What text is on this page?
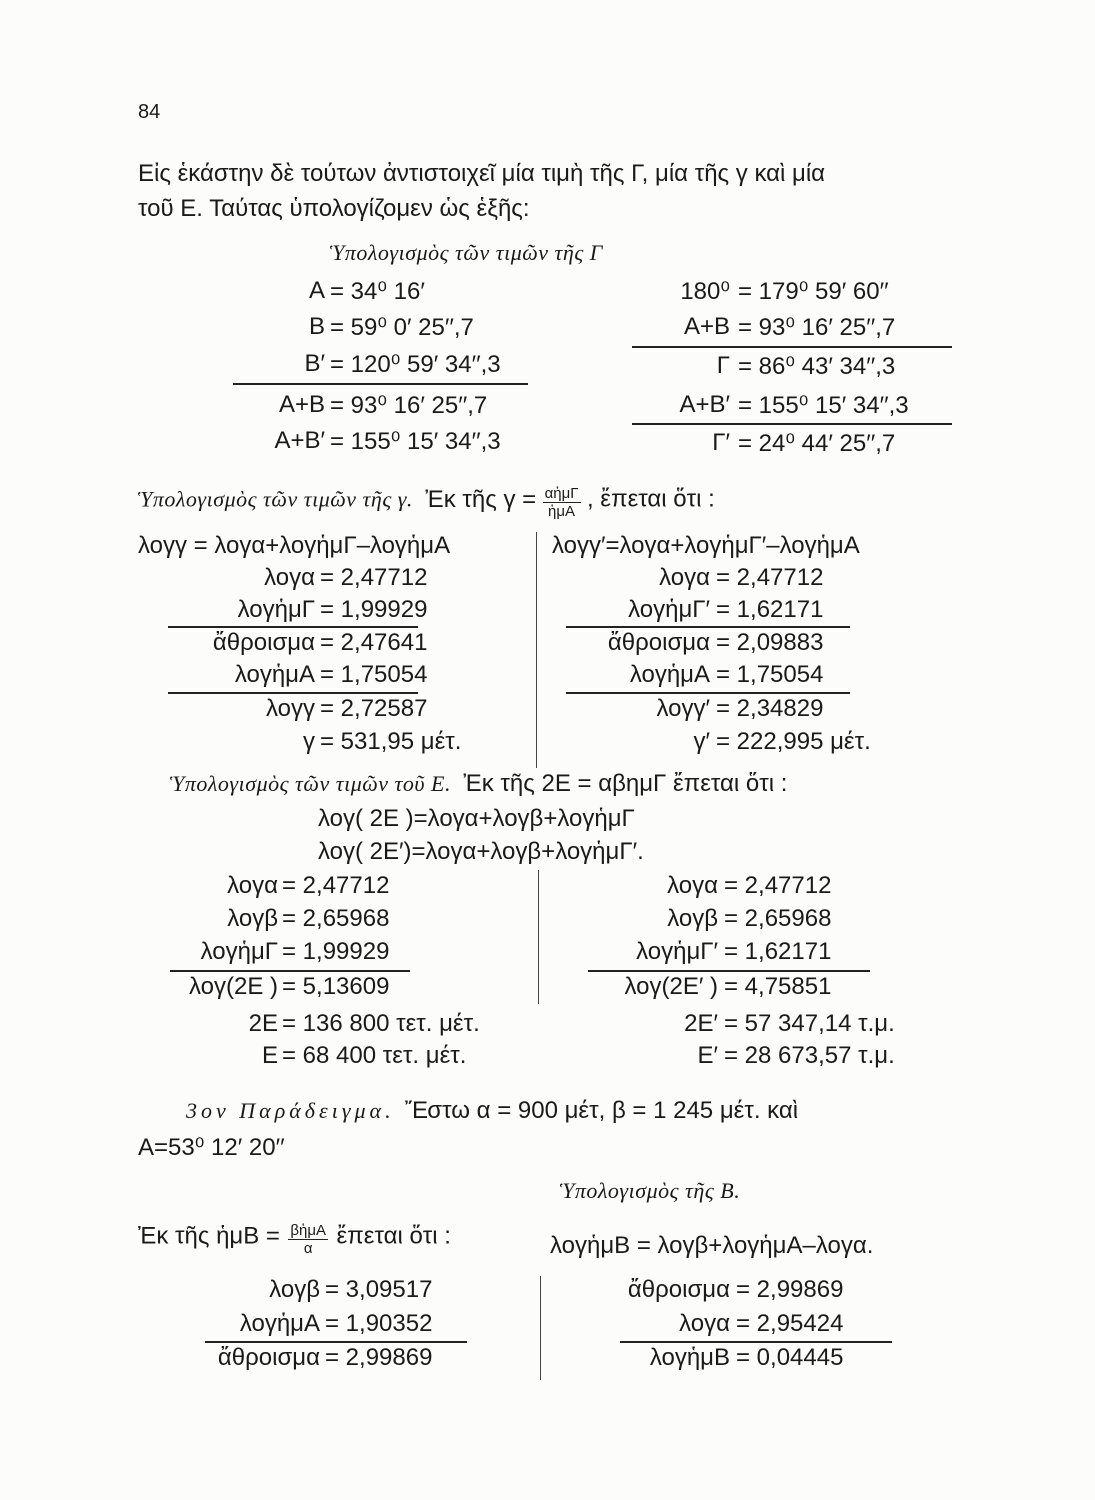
84
Εἰς ἑκάστην δὲ τούτων ἀντιστοιχεῖ μία τιμὴ τῆς Γ, μία τῆς γ καὶ μία
τοῦ Ε. Ταύτας ὑπολογίζομεν ὡς ἑξῆς:
Ὑπολογισμὸς τῶν τιμῶν τῆς Γ
Α = 34⁰ 16′
Β = 59⁰ 0′ 25′′,7
Β′ = 120⁰ 59′ 34′′,3
Α+Β = 93⁰ 16′ 25′′,7
Α+Β′ = 155⁰ 15′ 34′′,3
180⁰ = 179⁰ 59′ 60′′
Α+Β = 93⁰ 16′ 25′′,7
Γ = 86⁰ 43′ 34′′,3
Α+Β′ = 155⁰ 15′ 34′′,3
Γ′ = 24⁰ 44′ 25′′,7
Ὑπολογισμὸς τῶν τιμῶν τῆς γ. Ἐκ τῆς $\gamma = \frac{\text{αἡμΓ}}{\text{ἡμΑ}}$ , ἔπεται ὅτι :
λογγ = λογα+λογἡμΓ–λογἡμΑ	λογγ′=λογα+λογἡμΓ′–λογἡμΑ
λογα = 2,47712
λογἡμΓ = 1,99929
ἄθροισμα = 2,47641
λογἡμΑ = 1,75054
λογγ = 2,72587
γ = 531,95 μέτ.
λογα = 2,47712
λογἡμΓ′ = 1,62171
ἄθροισμα = 2,09883
λογἡμΑ = 1,75054
λογγ′ = 2,34829
γ′ = 222,995 μέτ.
Ὑπολογισμὸς τῶν τιμῶν τοῦ Ε. Ἐκ τῆς 2Ε = αβημΓ ἔπεται ὅτι :
λογ( 2Ε )=λογα+λογβ+λογἡμΓ
λογ( 2Ε′)=λογα+λογβ+λογἡμΓ′.
λογα = 2,47712
λογβ = 2,65968
λογἡμΓ = 1,99929
λογ(2Ε ) = 5,13609
2Ε = 136 800 τετ. μέτ.
Ε = 68 400 τετ. μέτ.
λογα = 2,47712
λογβ = 2,65968
λογἡμΓ′ = 1,62171
λογ(2Ε′ ) = 4,75851
2Ε′ = 57 347,14 τ.μ.
Ε′ = 28 673,57 τ.μ.
3ον Παράδειγμα. Ἔστω α = 900 μέτ, β = 1 245 μέτ. καὶ
Α=53⁰ 12′ 20′′
Ὑπολογισμὸς τῆς Β.
Ἐκ τῆς ἡμΒ = $\frac{\text{βἡμΑ}}{\alpha}$ ἔπεται ὅτι :	λογἡμΒ = λογβ+λογἡμΑ–λογα.
λογβ = 3,09517
λογἡμΑ = 1,90352
ἄθροισμα = 2,99869
ἄθροισμα = 2,99869
λογα = 2,95424
λογἡμΒ = 0,04445
